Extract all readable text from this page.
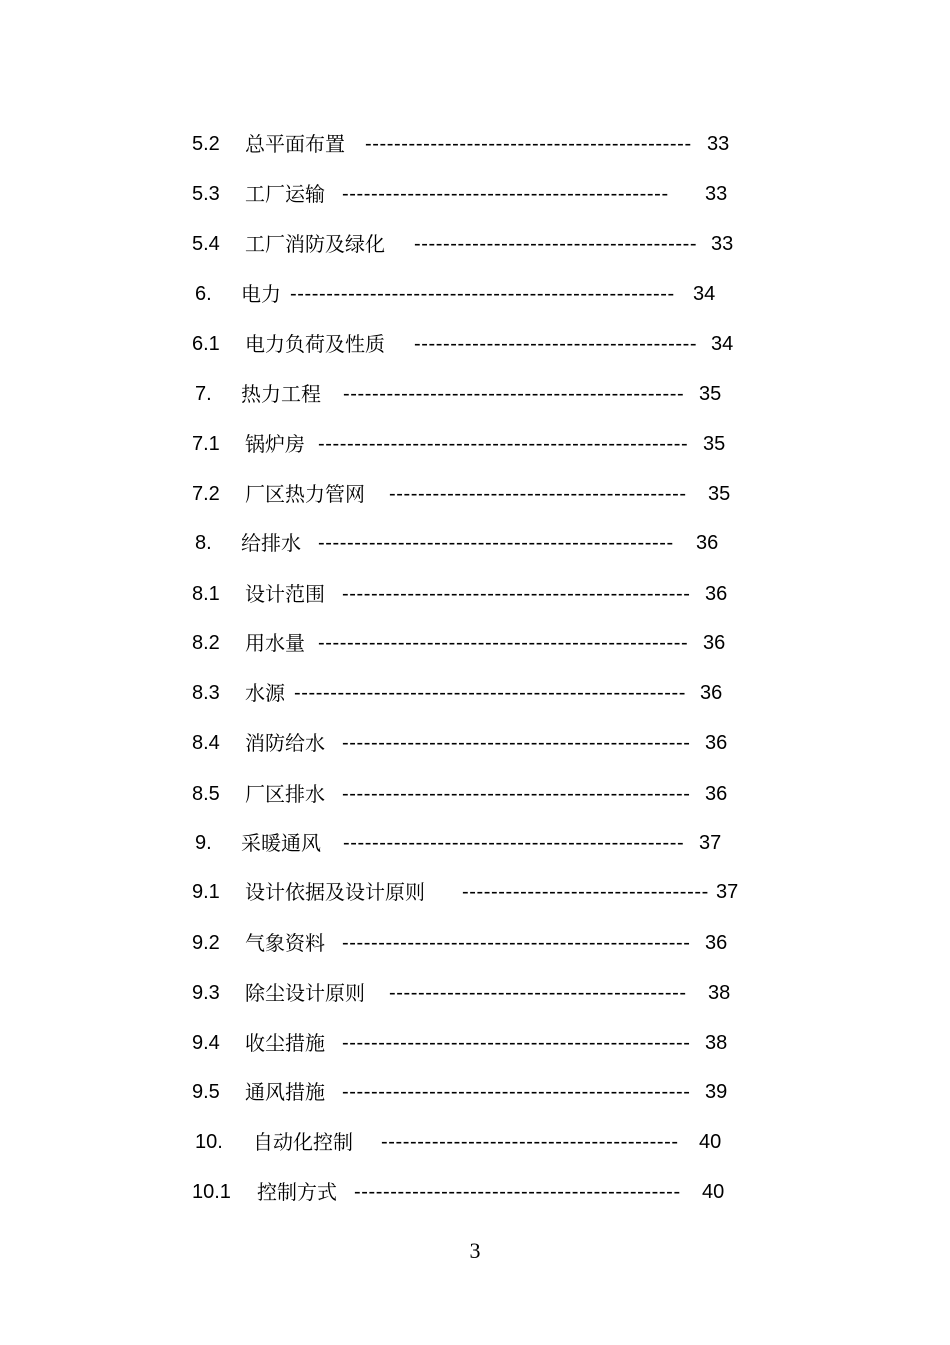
5.2 总平面布置 --------------------------------------------- 33
5.3 工厂运输 ---------------------------------------------	33
5.4 工厂消防及绿化 --------------------------------------- 33
6. 电力 ----------------------------------------------------- 34
6.1 电力负荷及性质 --------------------------------------- 34
7. 热力工程 ----------------------------------------------- 35
7.1 锅炉房 --------------------------------------------------- 35
7.2 厂区热力管网 -----------------------------------------	35
8. 给排水 -------------------------------------------------	36
8.1 设计范围 ------------------------------------------------ 36
8.2 用水量 --------------------------------------------------- 36
8.3 水源 ------------------------------------------------------ 36
8.4 消防给水 ------------------------------------------------ 36
8.5 厂区排水 ------------------------------------------------ 36
9. 采暖通风 ----------------------------------------------- 37
9.1 设计依据及设计原则 ---------------------------------- 37
9.2 气象资料 ------------------------------------------------ 36
9.3 除尘设计原则 -----------------------------------------	38
9.4 收尘措施 ------------------------------------------------ 38
9.5 通风措施 ------------------------------------------------ 39
10. 自动化控制 -----------------------------------------	40
10.1 控制方式 ---------------------------------------------	40
3
